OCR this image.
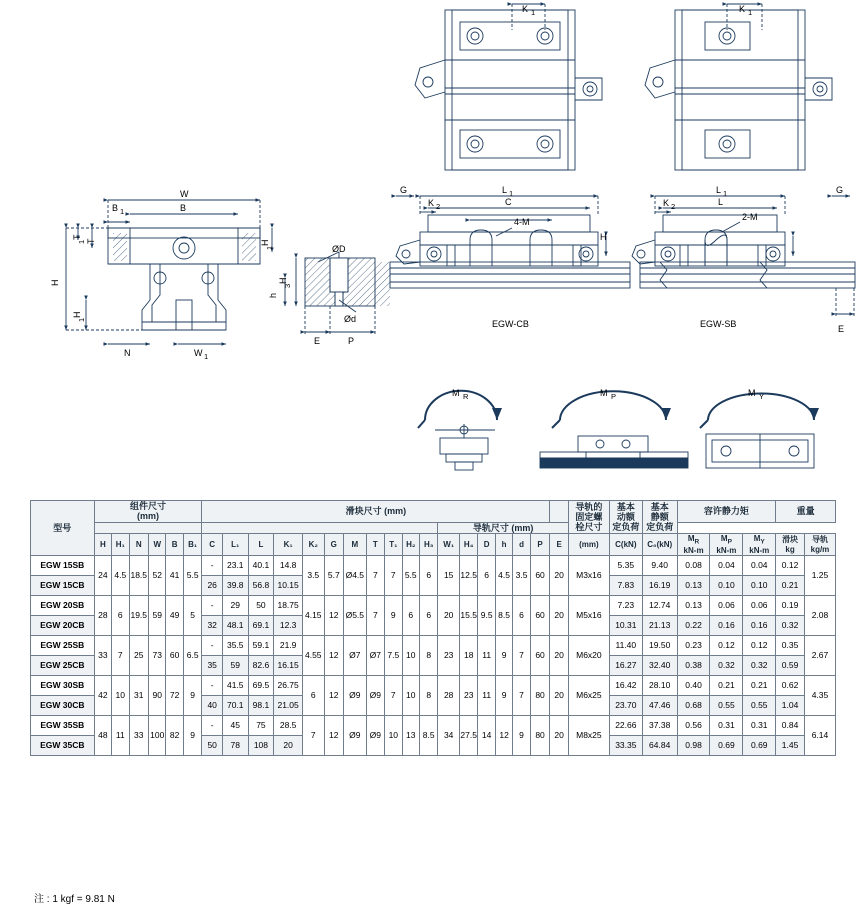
K 1	K 1
W
B
B 1
H
H
1
T
T
1	H
1
N	W 1
G
K 2
L 1
C
4-M
H
ØD
Ød
H
3
h
E	P
L 1
L
K 2
2-M
G
E
EGW-CB	EGW-SB
M R	M P	M Y
型号	
组件尺寸
(mm)
	滑块尺寸 (mm)		导轨的
固定螺
栓尺寸

基本
动额
定负荷

基本
静额
定负荷
	容许静力矩	重量
																		导轨尺寸 (mm)														
H	H₁	N	W	B	B₁	C	L₁	L	K₁	K₂	G	M	T	T₁	H₂	H₃	W₁	H₄	D	h	d	P	E	(mm)	C(kN)	C₀(kN)	
$M_R$
kN-m

$M_P$
kN-m

$M_Y$
kN-m

滑块
kg

导轨
kg/m

EGW 15SB	24	4.5	18.5	52	41	5.5	-	23.1	40.1	14.8	3.5	5.7	Ø4.5	7	7	5.5	6	15	12.5	6	4.5	3.5	60	20	M3x16	5.35	9.40	0.08	0.04	0.04	0.12	1.25
EGW 15CB							26	39.8	56.8	10.15																7.83	16.19	0.13	0.10	0.10	0.21	
EGW 20SB	28	6	19.5	59	49	5	-	29	50	18.75	4.15	12	Ø5.5	7	9	6	6	20	15.5	9.5	8.5	6	60	20	M5x16	7.23	12.74	0.13	0.06	0.06	0.19	2.08
EGW 20CB							32	48.1	69.1	12.3																10.31	21.13	0.22	0.16	0.16	0.32	
EGW 25SB	33	7	25	73	60	6.5	-	35.5	59.1	21.9	4.55	12	Ø7	Ø7	7.5	10	8	23	18	11	9	7	60	20	M6x20	11.40	19.50	0.23	0.12	0.12	0.35	2.67
EGW 25CB							35	59	82.6	16.15																16.27	32.40	0.38	0.32	0.32	0.59	
EGW 30SB	42	10	31	90	72	9	-	41.5	69.5	26.75	6	12	Ø9	Ø9	7	10	8	28	23	11	9	7	80	20	M6x25	16.42	28.10	0.40	0.21	0.21	0.62	4.35
EGW 30CB							40	70.1	98.1	21.05																23.70	47.46	0.68	0.55	0.55	1.04	
EGW 35SB	48	11	33	100	82	9	-	45	75	28.5	7	12	Ø9	Ø9	10	13	8.5	34	27.5	14	12	9	80	20	M8x25	22.66	37.38	0.56	0.31	0.31	0.84	6.14
EGW 35CB							50	78	108	20																33.35	64.84	0.98	0.69	0.69	1.45	
注 : 1 kgf = 9.81 N
